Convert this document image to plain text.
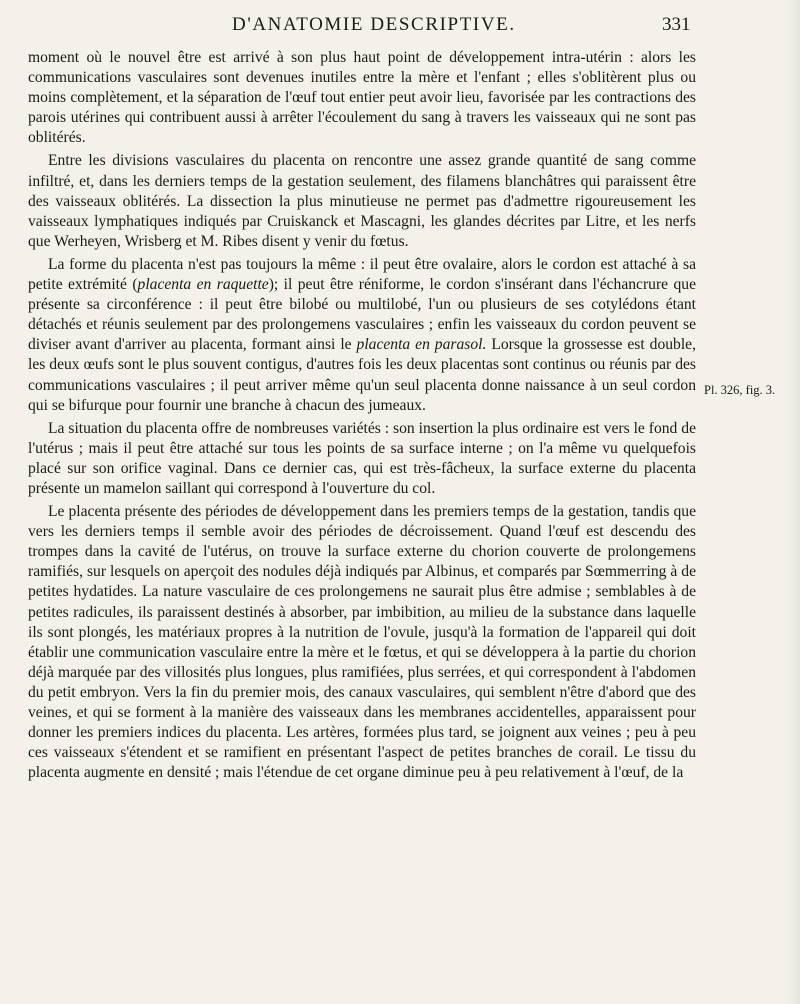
D'ANATOMIE DESCRIPTIVE.	331

moment où le nouvel être est arrivé à son plus haut point de développement intra-utérin : alors les communications vasculaires sont devenues inutiles entre la mère et l'enfant ; elles s'oblitèrent plus ou moins complètement, et la séparation de l'œuf tout entier peut avoir lieu, favorisée par les contractions des parois utérines qui contribuent aussi à arrêter l'écoulement du sang à travers les vaisseaux qui ne sont pas oblitérés.

Entre les divisions vasculaires du placenta on rencontre une assez grande quantité de sang comme infiltré, et, dans les derniers temps de la gestation seulement, des filamens blanchâtres qui paraissent être des vaisseaux oblitérés. La dissection la plus minutieuse ne permet pas d'admettre rigoureusement les vaisseaux lymphatiques indiqués par Cruiskanck et Mascagni, les glandes décrites par Litre, et les nerfs que Werheyen, Wrisberg et M. Ribes disent y venir du fœtus.

La forme du placenta n'est pas toujours la même : il peut être ovalaire, alors le cordon est attaché à sa petite extrémité (placenta en raquette); il peut être réniforme, le cordon s'insérant dans l'échancrure que présente sa circonférence : il peut être bilobé ou multilobé, l'un ou plusieurs de ses cotylédons étant détachés et réunis seulement par des prolongemens vasculaires ; enfin les vaisseaux du cordon peuvent se diviser avant d'arriver au placenta, formant ainsi le placenta en parasol. Lorsque la grossesse est double, les deux œufs sont le plus souvent contigus, d'autres fois les deux placentas sont continus ou réunis par des communications vasculaires ; il peut arriver même qu'un seul placenta donne naissance à un seul cordon qui se bifurque pour fournir une branche à chacun des jumeaux.

La situation du placenta offre de nombreuses variétés : son insertion la plus ordinaire est vers le fond de l'utérus ; mais il peut être attaché sur tous les points de sa surface interne ; on l'a même vu quelquefois placé sur son orifice vaginal. Dans ce dernier cas, qui est très-fâcheux, la surface externe du placenta présente un mamelon saillant qui correspond à l'ouverture du col.

Le placenta présente des périodes de développement dans les premiers temps de la gestation, tandis que vers les derniers temps il semble avoir des périodes de décroissement. Quand l'œuf est descendu des trompes dans la cavité de l'utérus, on trouve la surface externe du chorion couverte de prolongemens ramifiés, sur lesquels on aperçoit des nodules déjà indiqués par Albinus, et comparés par Sœmmerring à de petites hydatides. La nature vasculaire de ces prolongemens ne saurait plus être admise ; semblables à de petites radicules, ils paraissent destinés à absorber, par imbibition, au milieu de la substance dans laquelle ils sont plongés, les matériaux propres à la nutrition de l'ovule, jusqu'à la formation de l'appareil qui doit établir une communication vasculaire entre la mère et le fœtus, et qui se développera à la partie du chorion déjà marquée par des villosités plus longues, plus ramifiées, plus serrées, et qui correspondent à l'abdomen du petit embryon. Vers la fin du premier mois, des canaux vasculaires, qui semblent n'être d'abord que des veines, et qui se forment à la manière des vaisseaux dans les membranes accidentelles, apparaissent pour donner les premiers indices du placenta. Les artères, formées plus tard, se joignent aux veines ; peu à peu ces vaisseaux s'étendent et se ramifient en présentant l'aspect de petites branches de corail. Le tissu du placenta augmente en densité ; mais l'étendue de cet organe diminue peu à peu relativement à l'œuf, de la

Pl. 326, fig. 3.
